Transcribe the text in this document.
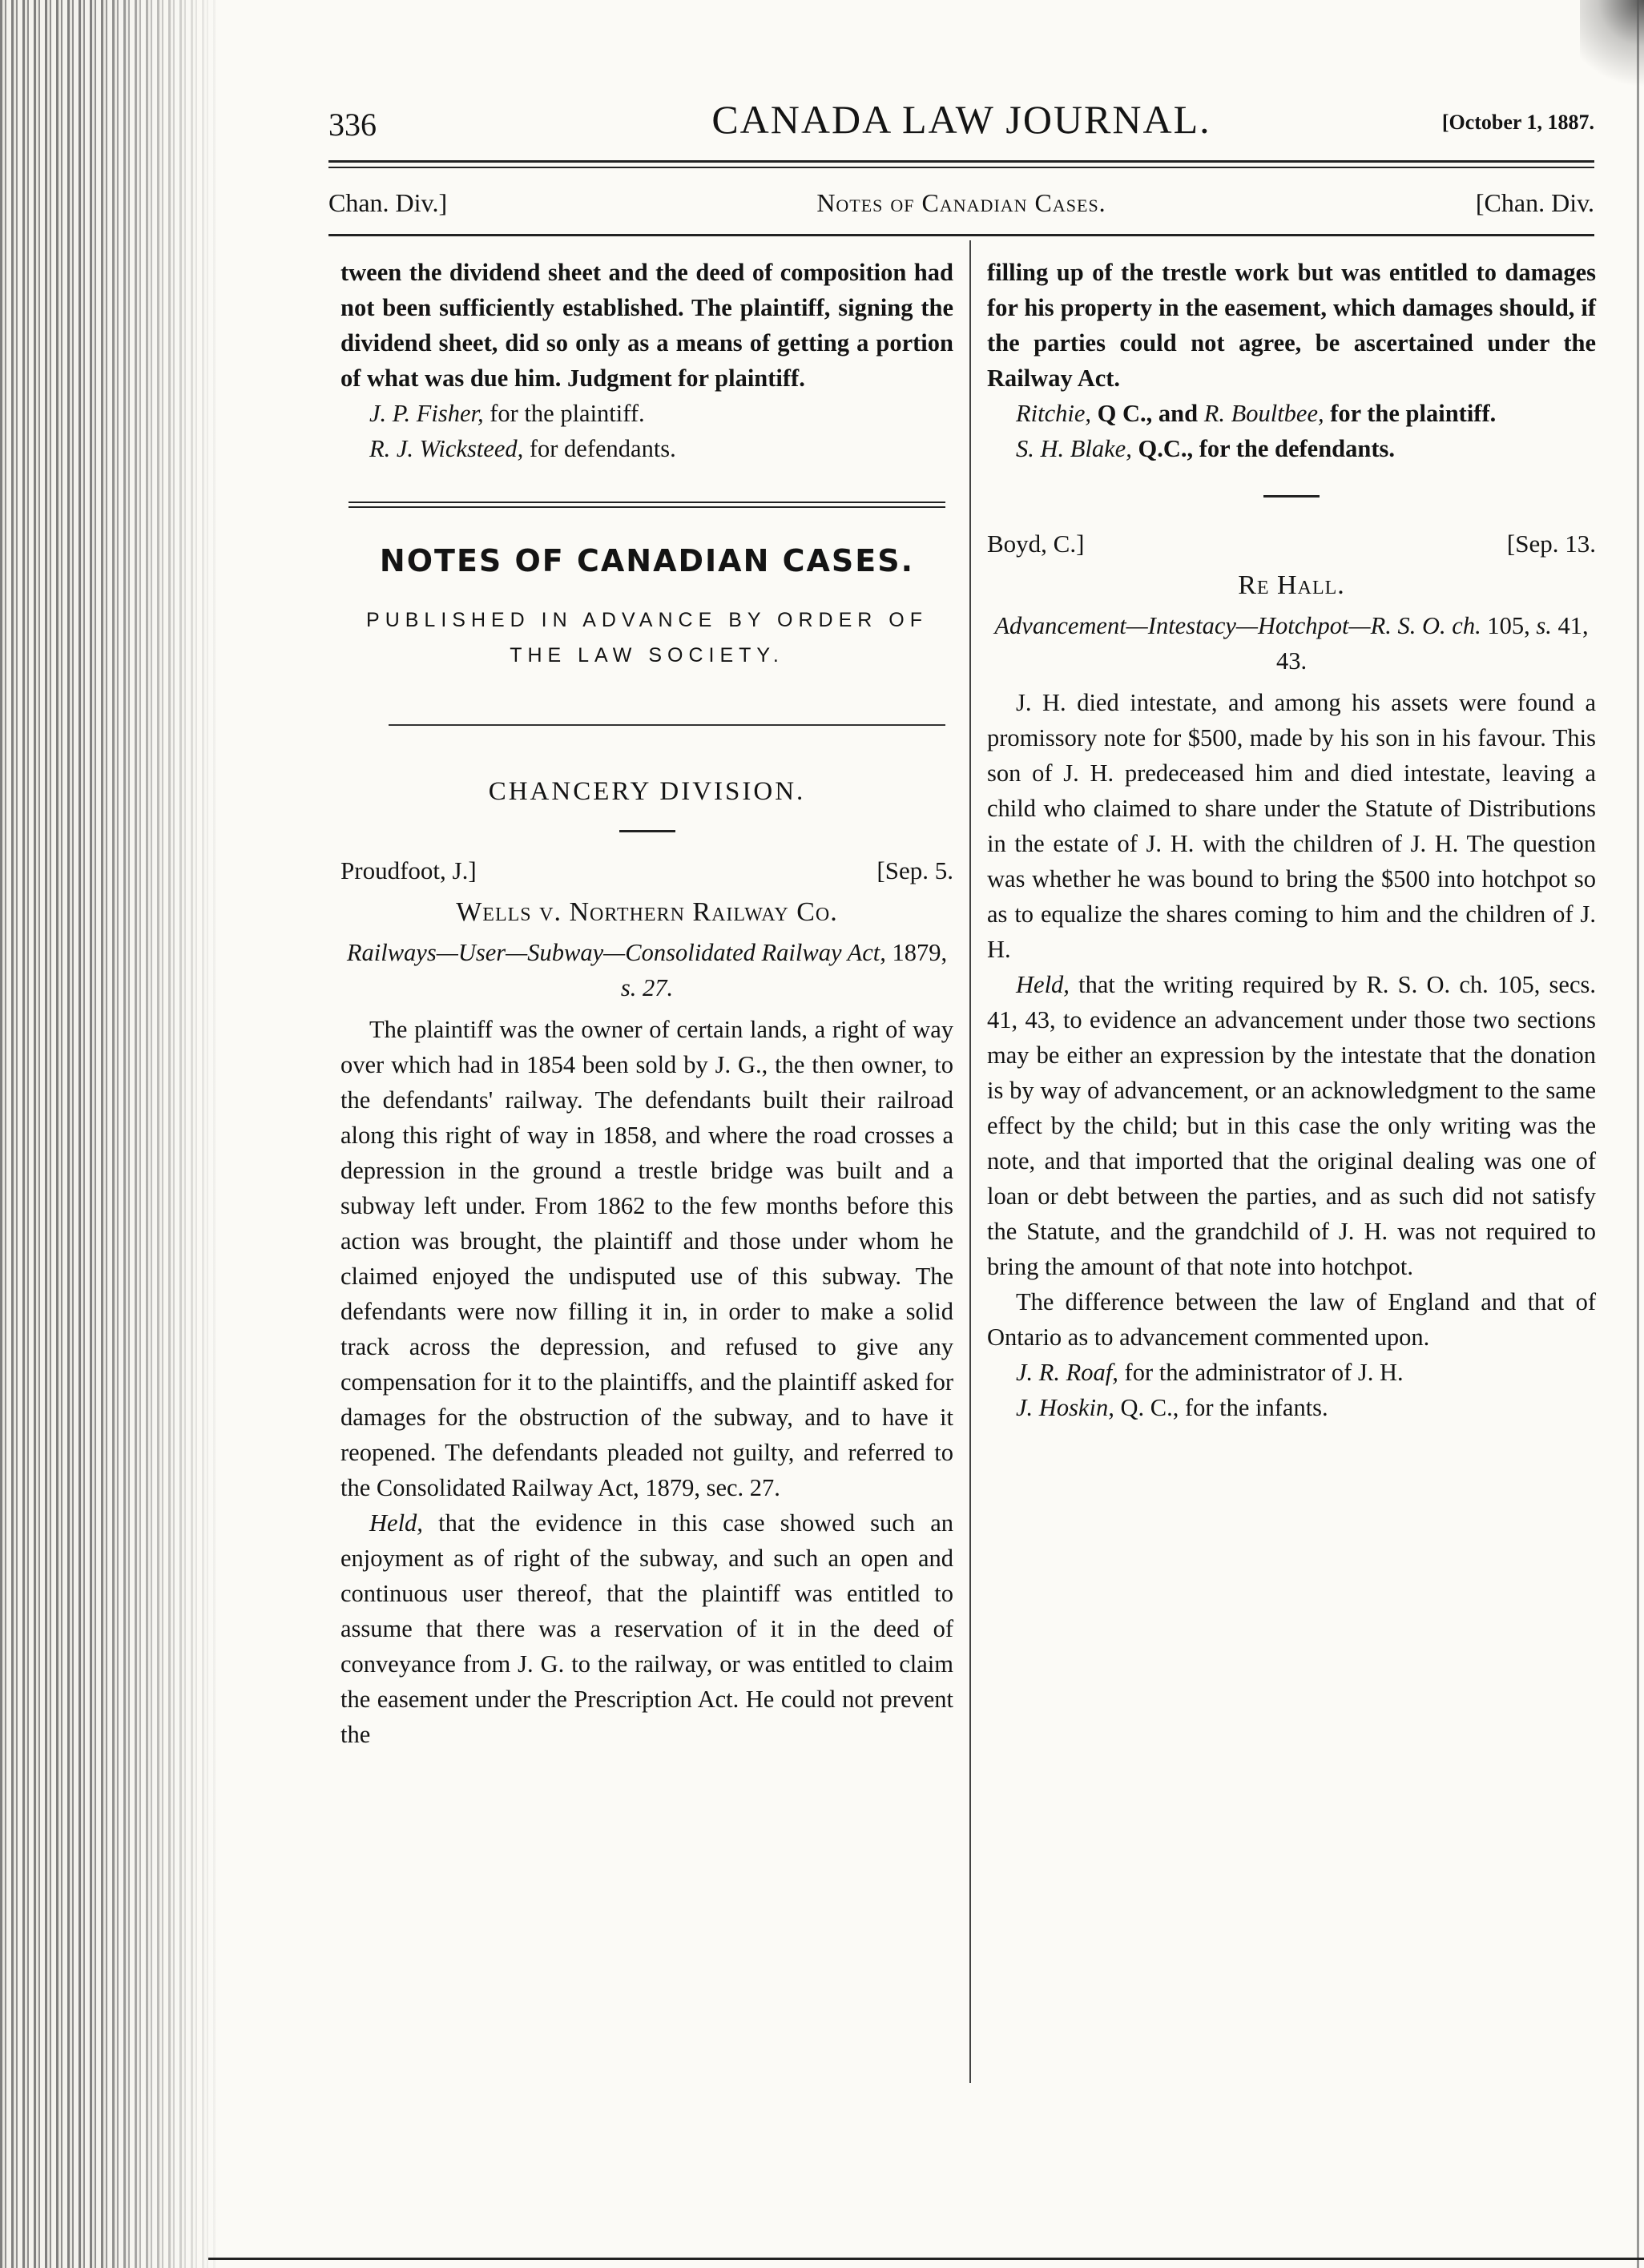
336	CANADA LAW JOURNAL.	[October 1, 1887.
Chan. Div.]	Notes of Canadian Cases.	[Chan. Div.

tween the dividend sheet and the deed of composition had not been sufficiently established. The plaintiff, signing the dividend sheet, did so only as a means of getting a portion of what was due him. Judgment for plaintiff.

J. P. Fisher, for the plaintiff.

R. J. Wicksteed, for defendants.

NOTES OF CANADIAN CASES.
PUBLISHED IN ADVANCE BY ORDER OF THE LAW SOCIETY.
CHANCERY DIVISION.
Proudfoot, J.]	[Sep. 5.
Wells v. Northern Railway Co.

Railways—User—Subway—Consolidated Railway Act, 1879, s. 27.

The plaintiff was the owner of certain lands, a right of way over which had in 1854 been sold by J. G., the then owner, to the defendants' railway. The defendants built their railroad along this right of way in 1858, and where the road crosses a depression in the ground a trestle bridge was built and a subway left under. From 1862 to the few months before this action was brought, the plaintiff and those under whom he claimed enjoyed the undisputed use of this subway. The defendants were now filling it in, in order to make a solid track across the depression, and refused to give any compensation for it to the plaintiffs, and the plaintiff asked for damages for the obstruction of the subway, and to have it reopened. The defendants pleaded not guilty, and referred to the Consolidated Railway Act, 1879, sec. 27.

Held, that the evidence in this case showed such an enjoyment as of right of the subway, and such an open and continuous user thereof, that the plaintiff was entitled to assume that there was a reservation of it in the deed of conveyance from J. G. to the railway, or was entitled to claim the easement under the Prescription Act. He could not prevent the

filling up of the trestle work but was entitled to damages for his property in the easement, which damages should, if the parties could not agree, be ascertained under the Railway Act.

Ritchie, Q C., and R. Boultbee, for the plaintiff.

S. H. Blake, Q.C., for the defendants.

Boyd, C.]	[Sep. 13.
Re Hall.

Advancement—Intestacy—Hotchpot—R. S. O. ch. 105, s. 41, 43.

J. H. died intestate, and among his assets were found a promissory note for $500, made by his son in his favour. This son of J. H. predeceased him and died intestate, leaving a child who claimed to share under the Statute of Distributions in the estate of J. H. with the children of J. H. The question was whether he was bound to bring the $500 into hotchpot so as to equalize the shares coming to him and the children of J. H.

Held, that the writing required by R. S. O. ch. 105, secs. 41, 43, to evidence an advancement under those two sections may be either an expression by the intestate that the donation is by way of advancement, or an acknowledgment to the same effect by the child; but in this case the only writing was the note, and that imported that the original dealing was one of loan or debt between the parties, and as such did not satisfy the Statute, and the grandchild of J. H. was not required to bring the amount of that note into hotchpot.

The difference between the law of England and that of Ontario as to advancement commented upon.

J. R. Roaf, for the administrator of J. H.

J. Hoskin, Q. C., for the infants.
